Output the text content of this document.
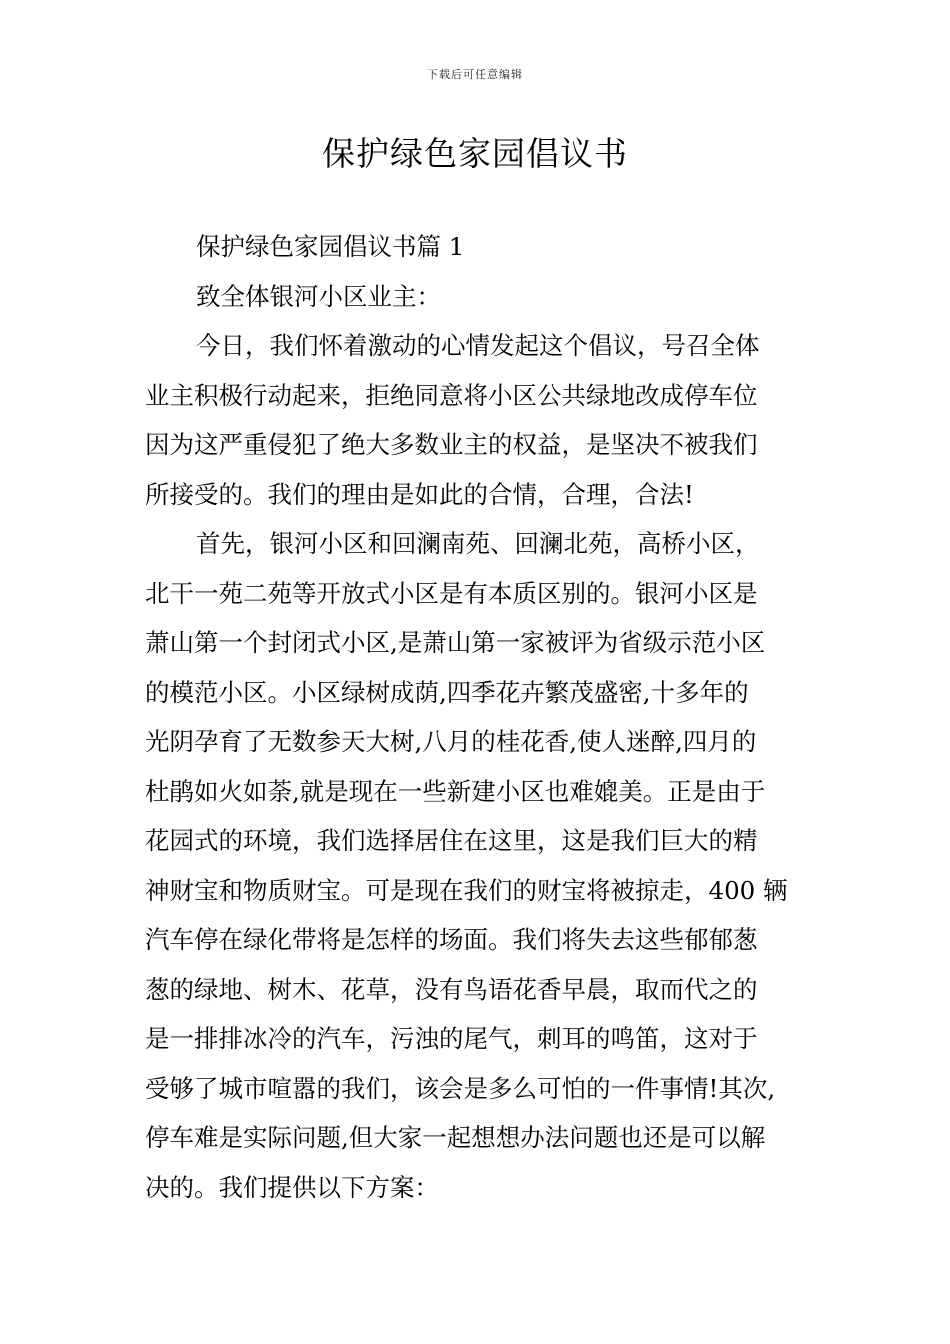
下载后可任意编辑
保护绿色家园倡议书
保护绿色家园倡议书篇 1
致全体银河小区业主：
今日，我们怀着激动的心情发起这个倡议，号召全体
业主积极行动起来，拒绝同意将小区公共绿地改成停车位
因为这严重侵犯了绝大多数业主的权益，是坚决不被我们
所接受的。我们的理由是如此的合情，合理，合法!
首先，银河小区和回澜南苑、回澜北苑，高桥小区，
北干一苑二苑等开放式小区是有本质区别的。银河小区是
萧山第一个封闭式小区,是萧山第一家被评为省级示范小区
的模范小区。小区绿树成荫,四季花卉繁茂盛密,十多年的
光阴孕育了无数参天大树,八月的桂花香,使人迷醉,四月的
杜鹃如火如荼,就是现在一些新建小区也难媲美。正是由于
花园式的环境，我们选择居住在这里，这是我们巨大的精
神财宝和物质财宝。可是现在我们的财宝将被掠走，400 辆
汽车停在绿化带将是怎样的场面。我们将失去这些郁郁葱
葱的绿地、树木、花草，没有鸟语花香早晨，取而代之的
是一排排冰冷的汽车，污浊的尾气，刺耳的鸣笛，这对于
受够了城市喧嚣的我们，该会是多么可怕的一件事情!其次,
停车难是实际问题,但大家一起想想办法问题也还是可以解
决的。我们提供以下方案：
